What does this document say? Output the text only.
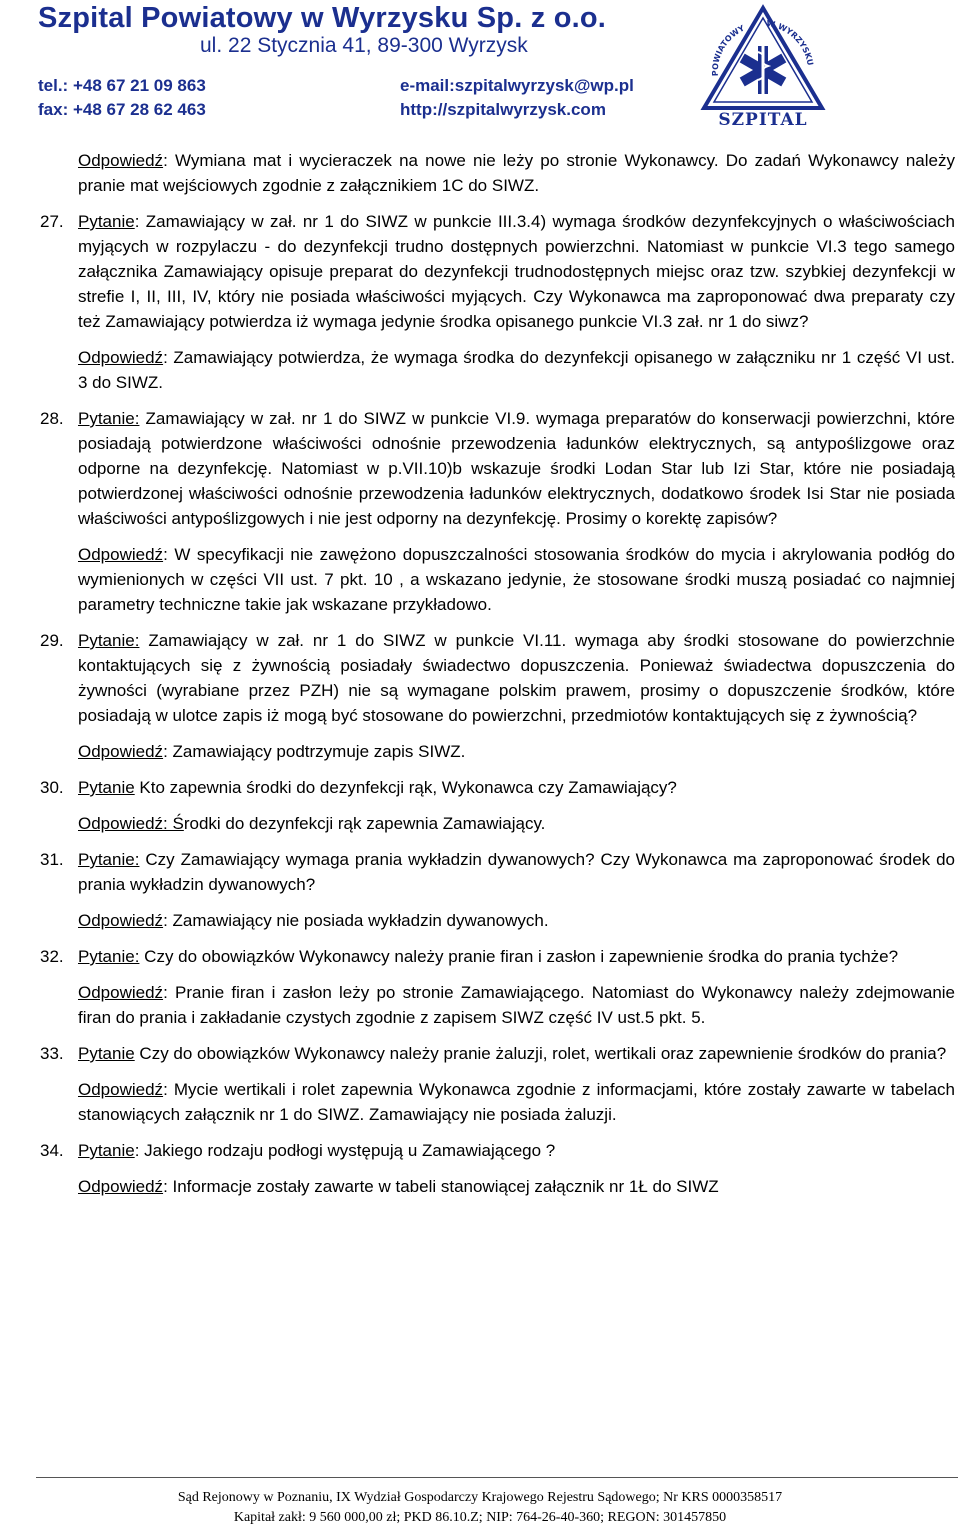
Szpital Powiatowy w Wyrzysku Sp. z o.o.
ul. 22 Stycznia 41, 89-300 Wyrzysk
tel.: +48 67 21 09 863
fax: +48 67 28 62 463
e-mail:szpitalwyrzysk@wp.pl
http://szpitalwyrzysk.com
POWIATOWY W WYRZYSKU
SZPITAL

Odpowiedź: Wymiana mat i wycieraczek na nowe nie leży po stronie Wykonawcy. Do zadań Wykonawcy należy pranie mat wejściowych zgodnie z załącznikiem 1C do SIWZ.

27. Pytanie: Zamawiający w zał. nr 1 do SIWZ w punkcie III.3.4) wymaga środków dezynfekcyjnych o właściwościach myjących w rozpylaczu - do dezynfekcji trudno dostępnych powierzchni. Natomiast w punkcie VI.3 tego samego załącznika Zamawiający opisuje preparat do dezynfekcji trudnodostępnych miejsc oraz tzw. szybkiej dezynfekcji w strefie I, II, III, IV, który nie posiada właściwości myjących. Czy Wykonawca ma zaproponować dwa preparaty czy też Zamawiający potwierdza iż wymaga jedynie środka opisanego punkcie VI.3 zał. nr 1 do siwz?

Odpowiedź: Zamawiający potwierdza, że wymaga środka do dezynfekcji opisanego w załączniku nr 1 część VI ust. 3 do SIWZ.

28. Pytanie: Zamawiający w zał. nr 1 do SIWZ w punkcie VI.9. wymaga preparatów do konserwacji powierzchni, które posiadają potwierdzone właściwości odnośnie przewodzenia ładunków elektrycznych, są antypoślizgowe oraz odporne na dezynfekcję. Natomiast w p.VII.10)b wskazuje środki Lodan Star lub Izi Star, które nie posiadają potwierdzonej właściwości odnośnie przewodzenia ładunków elektrycznych, dodatkowo środek Isi Star nie posiada właściwości antypoślizgowych i nie jest odporny na dezynfekcję. Prosimy o korektę zapisów?

Odpowiedź: W specyfikacji nie zawężono dopuszczalności stosowania środków do mycia i akrylowania podłóg do wymienionych w części VII ust. 7 pkt. 10 , a wskazano jedynie, że stosowane środki muszą posiadać co najmniej parametry techniczne takie jak wskazane przykładowo.

29. Pytanie: Zamawiający w zał. nr 1 do SIWZ w punkcie VI.11. wymaga aby środki stosowane do powierzchnie kontaktujących się z żywnością posiadały świadectwo dopuszczenia. Ponieważ świadectwa dopuszczenia do żywności (wyrabiane przez PZH) nie są wymagane polskim prawem, prosimy o dopuszczenie środków, które posiadają w ulotce zapis iż mogą być stosowane do powierzchni, przedmiotów kontaktujących się z żywnością?

Odpowiedź: Zamawiający podtrzymuje zapis SIWZ.

30. Pytanie Kto zapewnia środki do dezynfekcji rąk, Wykonawca czy Zamawiający?

Odpowiedź: Środki do dezynfekcji rąk zapewnia Zamawiający.

31. Pytanie: Czy Zamawiający wymaga prania wykładzin dywanowych? Czy Wykonawca ma zaproponować środek do prania wykładzin dywanowych?

Odpowiedź: Zamawiający nie posiada wykładzin dywanowych.

32. Pytanie: Czy do obowiązków Wykonawcy należy pranie firan i zasłon i zapewnienie środka do prania tychże?

Odpowiedź: Pranie firan i zasłon leży po stronie Zamawiającego. Natomiast do Wykonawcy należy zdejmowanie firan do prania i zakładanie czystych zgodnie z zapisem SIWZ część IV ust.5 pkt. 5.

33. Pytanie Czy do obowiązków Wykonawcy należy pranie żaluzji, rolet, wertikali oraz zapewnienie środków do prania?

Odpowiedź: Mycie wertikali i rolet zapewnia Wykonawca zgodnie z informacjami, które zostały zawarte w tabelach stanowiących załącznik nr 1 do SIWZ. Zamawiający nie posiada żaluzji.

34. Pytanie: Jakiego rodzaju podłogi występują u Zamawiającego ?

Odpowiedź: Informacje zostały zawarte w tabeli stanowiącej załącznik nr 1Ł do SIWZ

Sąd Rejonowy w Poznaniu, IX Wydział Gospodarczy Krajowego Rejestru Sądowego; Nr KRS 0000358517
Kapitał zakł: 9 560 000,00 zł; PKD 86.10.Z; NIP: 764-26-40-360; REGON: 301457850
